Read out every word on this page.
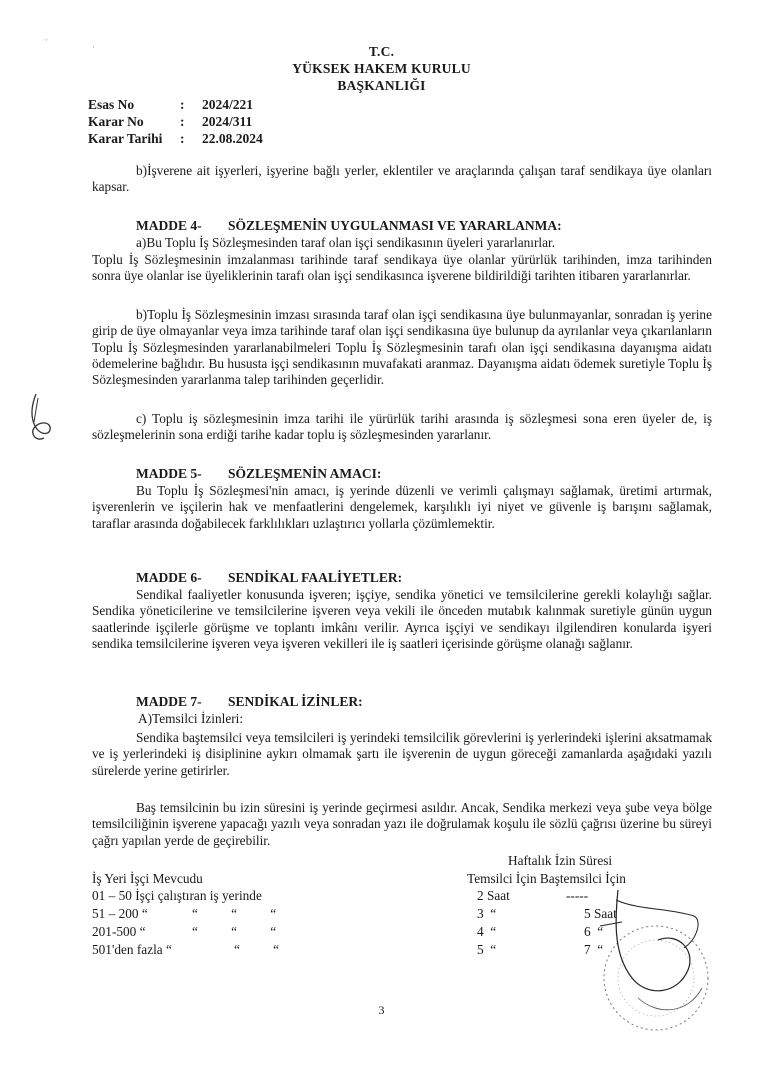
·
·	T.C.
YÜKSEK HAKEM KURULU
BAŞKANLIĞI
Esas No	: 2024/221
Karar No	: 2024/311
Karar Tarihi : 22.08.2024
b)İşverene ait işyerleri, işyerine bağlı yerler, eklentiler ve araçlarında çalışan taraf sendikaya üye olanları kapsar.
MADDE 4- SÖZLEŞMENİN UYGULANMASI VE YARARLANMA:
a)Bu Toplu İş Sözleşmesinden taraf olan işçi sendikasının üyeleri yararlanırlar.
Toplu İş Sözleşmesinin imzalanması tarihinde taraf sendikaya üye olanlar yürürlük tarihinden, imza tarihinden sonra üye olanlar ise üyeliklerinin tarafı olan işçi sendikasınca işverene bildirildiği tarihten itibaren yararlanırlar.
b)Toplu İş Sözleşmesinin imzası sırasında taraf olan işçi sendikasına üye bulunmayanlar, sonradan iş yerine girip de üye olmayanlar veya imza tarihinde taraf olan işçi sendikasına üye bulunup da ayrılanlar veya çıkarılanların Toplu İş Sözleşmesinden yararlanabilmeleri Toplu İş Sözleşmesinin tarafı olan işçi sendikasına dayanışma aidatı ödemelerine bağlıdır. Bu hususta işçi sendikasının muvafakati aranmaz. Dayanışma aidatı ödemek suretiyle Toplu İş Sözleşmesinden yararlanma talep tarihinden geçerlidir.
c) Toplu iş sözleşmesinin imza tarihi ile yürürlük tarihi arasında iş sözleşmesi sona eren üyeler de, iş sözleşmelerinin sona erdiği tarihe kadar toplu iş sözleşmesinden yararlanır.
MADDE 5- SÖZLEŞMENİN AMACI:
Bu Toplu İş Sözleşmesi'nin amacı, iş yerinde düzenli ve verimli çalışmayı sağlamak, üretimi artırmak, işverenlerin ve işçilerin hak ve menfaatlerini dengelemek, karşılıklı iyi niyet ve güvenle iş barışını sağlamak, taraflar arasında doğabilecek farklılıkları uzlaştırıcı yollarla çözümlemektir.
MADDE 6- SENDİKAL FAALİYETLER:
Sendikal faaliyetler konusunda işveren; işçiye, sendika yönetici ve temsilcilerine gerekli kolaylığı sağlar. Sendika yöneticilerine ve temsilcilerine işveren veya vekili ile önceden mutabık kalınmak suretiyle günün uygun saatlerinde işçilerle görüşme ve toplantı imkânı verilir. Ayrıca işçiyi ve sendikayı ilgilendiren konularda işyeri sendika temsilcilerine işveren veya işveren vekilleri ile iş saatleri içerisinde görüşme olanağı sağlanır.
MADDE 7- SENDİKAL İZİNLER:
A)Temsilci İzinleri:
Sendika baştemsilci veya temsilcileri iş yerindeki temsilcilik görevlerini iş yerlerindeki işlerini aksatmamak ve iş yerlerindeki iş disiplinine aykırı olmamak şartı ile işverenin de uygun göreceği zamanlarda aşağıdaki yazılı sürelerde yerine getirirler.
Baş temsilcinin bu izin süresini iş yerinde geçirmesi asıldır. Ancak, Sendika merkezi veya şube veya bölge temsilciliğinin işverene yapacağı yazılı veya sonradan yazı ile doğrulamak koşulu ile sözlü çağrısı üzerine bu süreyi çağrı yapılan yerde de geçirebilir.
Haftalık İzin Süresi
İş Yeri İşçi Mevcudu	Temsilci İçin Baştemsilci İçin
01 – 50 İşçi çalıştıran iş yerinde	2 Saat	-----
51 – 200 “	“          “          “	3  “	5 Saat
201-500 “	“          “          “	4  “	6  “
501'den fazla “	“          “	5  “	7  “
3
